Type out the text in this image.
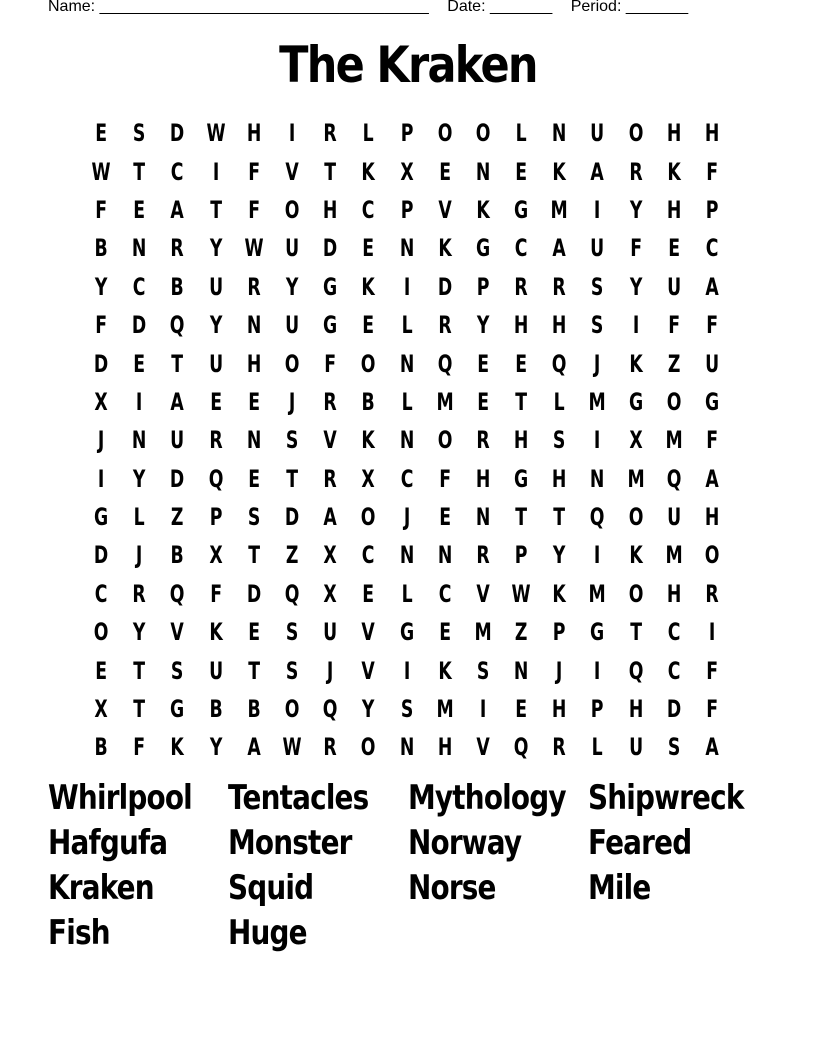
Name: _____________________________________ Date: _______ Period: _______
The Kraken
E	S	D W H	I	R	L	P	O O	L	N U O H H
W T	C	I	F	V	T	K X	E	N	E	K A R K	F
F	E	A	T	F	O H	C	P	V K G M	I	Y	H	P
B N R	Y W U D	E	N K G	C	A U	F	E	C
Y	C	B U R	Y	G K	I	D	P	R R	S	Y	U A
F	D Q	Y	N U G	E	L	R	Y	H H	S	I	F	F
D	E	T	U H O	F	O N Q	E	E	Q	J	K	Z	U
X	I	A	E	E	J	R B	L	M E	T	L	M G O G
J	N U R N	S	V K N O R H	S	I	X M F
I	Y	D Q	E	T	R X	C	F	H G H N M Q A
G	L	Z	P	S	D A O	J	E	N	T	T	Q O U H
D	J	B X	T	Z	X	C	N N R	P	Y	I	K M O
C	R Q	F	D Q X	E	L	C	V W K M O H R
O	Y	V K	E	S	U V G	E M Z	P	G	T	C	I
E	T	S	U	T	S	J	V	I	K	S	N	J	I	Q	C	F
X	T	G B B O Q	Y	S M	I	E	H	P	H D	F
B	F	K	Y	A W R O N H V Q R	L	U	S	A
Whirlpool Tentacles Mythology Shipwreck
Hafgufa	Monster	Norway	Feared
Kraken	Squid	Norse	Mile
Fish	Huge
